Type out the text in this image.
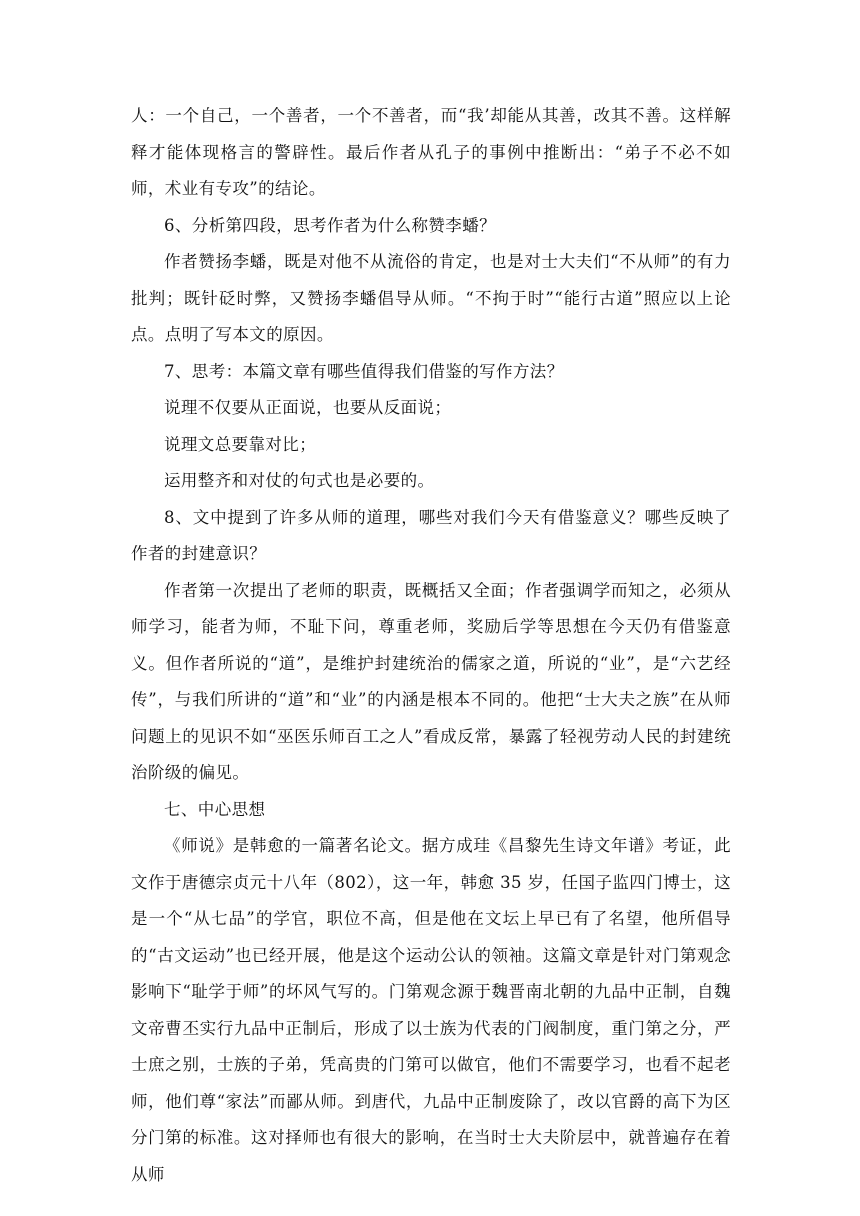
人：一个自己，一个善者，一个不善者，而“我’却能从其善，改其不善。这样解释才能体现格言的警辟性。最后作者从孔子的事例中推断出：“弟子不必不如师，术业有专攻”的结论。

6、分析第四段，思考作者为什么称赞李蟠？

作者赞扬李蟠，既是对他不从流俗的肯定，也是对士大夫们“不从师”的有力批判；既针砭时弊，又赞扬李蟠倡导从师。“不拘于时”“能行古道”照应以上论点。点明了写本文的原因。

7、思考：本篇文章有哪些值得我们借鉴的写作方法？

说理不仅要从正面说，也要从反面说；

说理文总要靠对比；

运用整齐和对仗的句式也是必要的。

8、文中提到了许多从师的道理，哪些对我们今天有借鉴意义？哪些反映了作者的封建意识？

作者第一次提出了老师的职责，既概括又全面；作者强调学而知之，必须从师学习，能者为师，不耻下问，尊重老师，奖励后学等思想在今天仍有借鉴意义。但作者所说的“道”，是维护封建统治的儒家之道，所说的“业”，是“六艺经传”，与我们所讲的“道”和“业”的内涵是根本不同的。他把“士大夫之族”在从师问题上的见识不如“巫医乐师百工之人”看成反常，暴露了轻视劳动人民的封建统治阶级的偏见。

七、中心思想

《师说》是韩愈的一篇著名论文。据方成珪《昌黎先生诗文年谱》考证，此文作于唐德宗贞元十八年（802），这一年，韩愈 35 岁，任国子监四门博士，这是一个“从七品”的学官，职位不高，但是他在文坛上早已有了名望，他所倡导的“古文运动”也已经开展，他是这个运动公认的领袖。这篇文章是针对门第观念影响下“耻学于师”的坏风气写的。门第观念源于魏晋南北朝的九品中正制，自魏文帝曹丕实行九品中正制后，形成了以士族为代表的门阀制度，重门第之分，严士庶之别，士族的子弟，凭高贵的门第可以做官，他们不需要学习，也看不起老师，他们尊“家法”而鄙从师。到唐代，九品中正制废除了，改以官爵的高下为区分门第的标准。这对择师也有很大的影响，在当时士大夫阶层中，就普遍存在着从师
